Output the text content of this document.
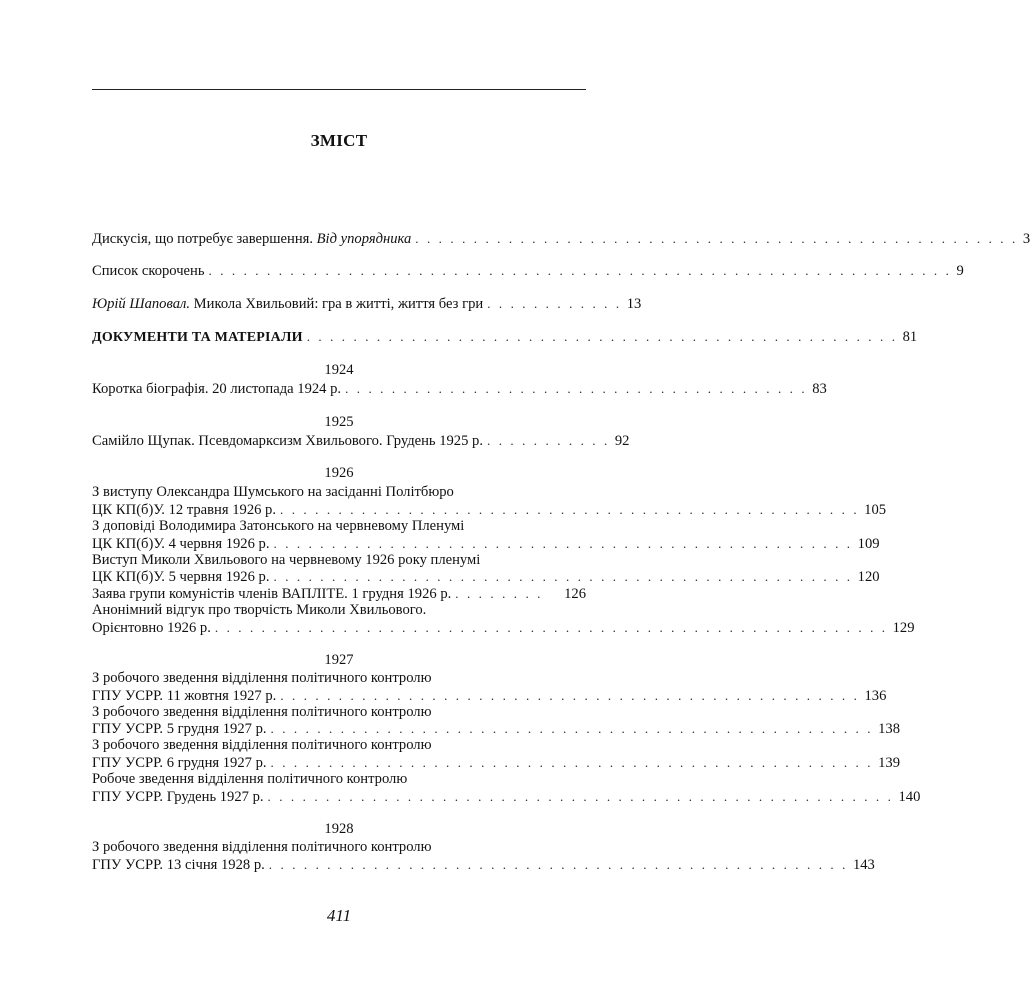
ЗМІСТ
Дискусія, що потребує завершення. Від упорядника . . . . . . . . . . . . . . . . . . . . . . . . . . . . . . . . . . . . . . . . . . . . . . . . . . . . 3
Список скорочень . . . . . . . . . . . . . . . . . . . . . . . . . . . . . . . . . . . . . . . . . . . . . . . . . . . . . . . . . . . . . . . . 9
Юрій Шаповал. Микола Хвильовий: гра в житті, життя без гри . . . . . . . . . . . . 13
ДОКУМЕНТИ ТА МАТЕРІАЛИ . . . . . . . . . . . . . . . . . . . . . . . . . . . . . . . . . . . . . . . . . . . . . . . . . . . 81
1924
Коротка біографія. 20 листопада 1924 р. . . . . . . . . . . . . . . . . . . . . . . . . . . . . . . . . . . . . . . . . 83
1925
Самійло Щупак. Псевдомарксизм Хвильового. Грудень 1925 р. . . . . . . . . . . . 92
1926
З виступу Олександра Шумського на засіданні Політбюро
ЦК КП(б)У. 12 травня 1926 р. . . . . . . . . . . . . . . . . . . . . . . . . . . . . . . . . . . . . . . . . . . . . . . . . . . 105
З доповіді Володимира Затонського на червневому Пленумі
ЦК КП(б)У. 4 червня 1926 р. . . . . . . . . . . . . . . . . . . . . . . . . . . . . . . . . . . . . . . . . . . . . . . . . . . 109
Виступ Миколи Хвильового на червневому 1926 року пленумі
ЦК КП(б)У. 5 червня 1926 р. . . . . . . . . . . . . . . . . . . . . . . . . . . . . . . . . . . . . . . . . . . . . . . . . . . 120
Заява групи комуністів членів ВАПЛІТЕ. 1 грудня 1926 р. . . . . . . . .	126
Анонімний відгук про творчість Миколи Хвильового.
Орієнтовно 1926 р. . . . . . . . . . . . . . . . . . . . . . . . . . . . . . . . . . . . . . . . . . . . . . . . . . . . . . . . . . . 129
1927
З робочого зведення відділення політичного контролю
ГПУ УСРР. 11 жовтня 1927 р. . . . . . . . . . . . . . . . . . . . . . . . . . . . . . . . . . . . . . . . . . . . . . . . . . . 136
З робочого зведення відділення політичного контролю
ГПУ УСРР. 5 грудня 1927 р. . . . . . . . . . . . . . . . . . . . . . . . . . . . . . . . . . . . . . . . . . . . . . . . . . . . . 138
З робочого зведення відділення політичного контролю
ГПУ УСРР. 6 грудня 1927 р. . . . . . . . . . . . . . . . . . . . . . . . . . . . . . . . . . . . . . . . . . . . . . . . . . . . . 139
Робоче зведення відділення політичного контролю
ГПУ УСРР. Грудень 1927 р. . . . . . . . . . . . . . . . . . . . . . . . . . . . . . . . . . . . . . . . . . . . . . . . . . . . . . . 140
1928
З робочого зведення відділення політичного контролю
ГПУ УСРР. 13 січня 1928 р. . . . . . . . . . . . . . . . . . . . . . . . . . . . . . . . . . . . . . . . . . . . . . . . . . . 143
411
